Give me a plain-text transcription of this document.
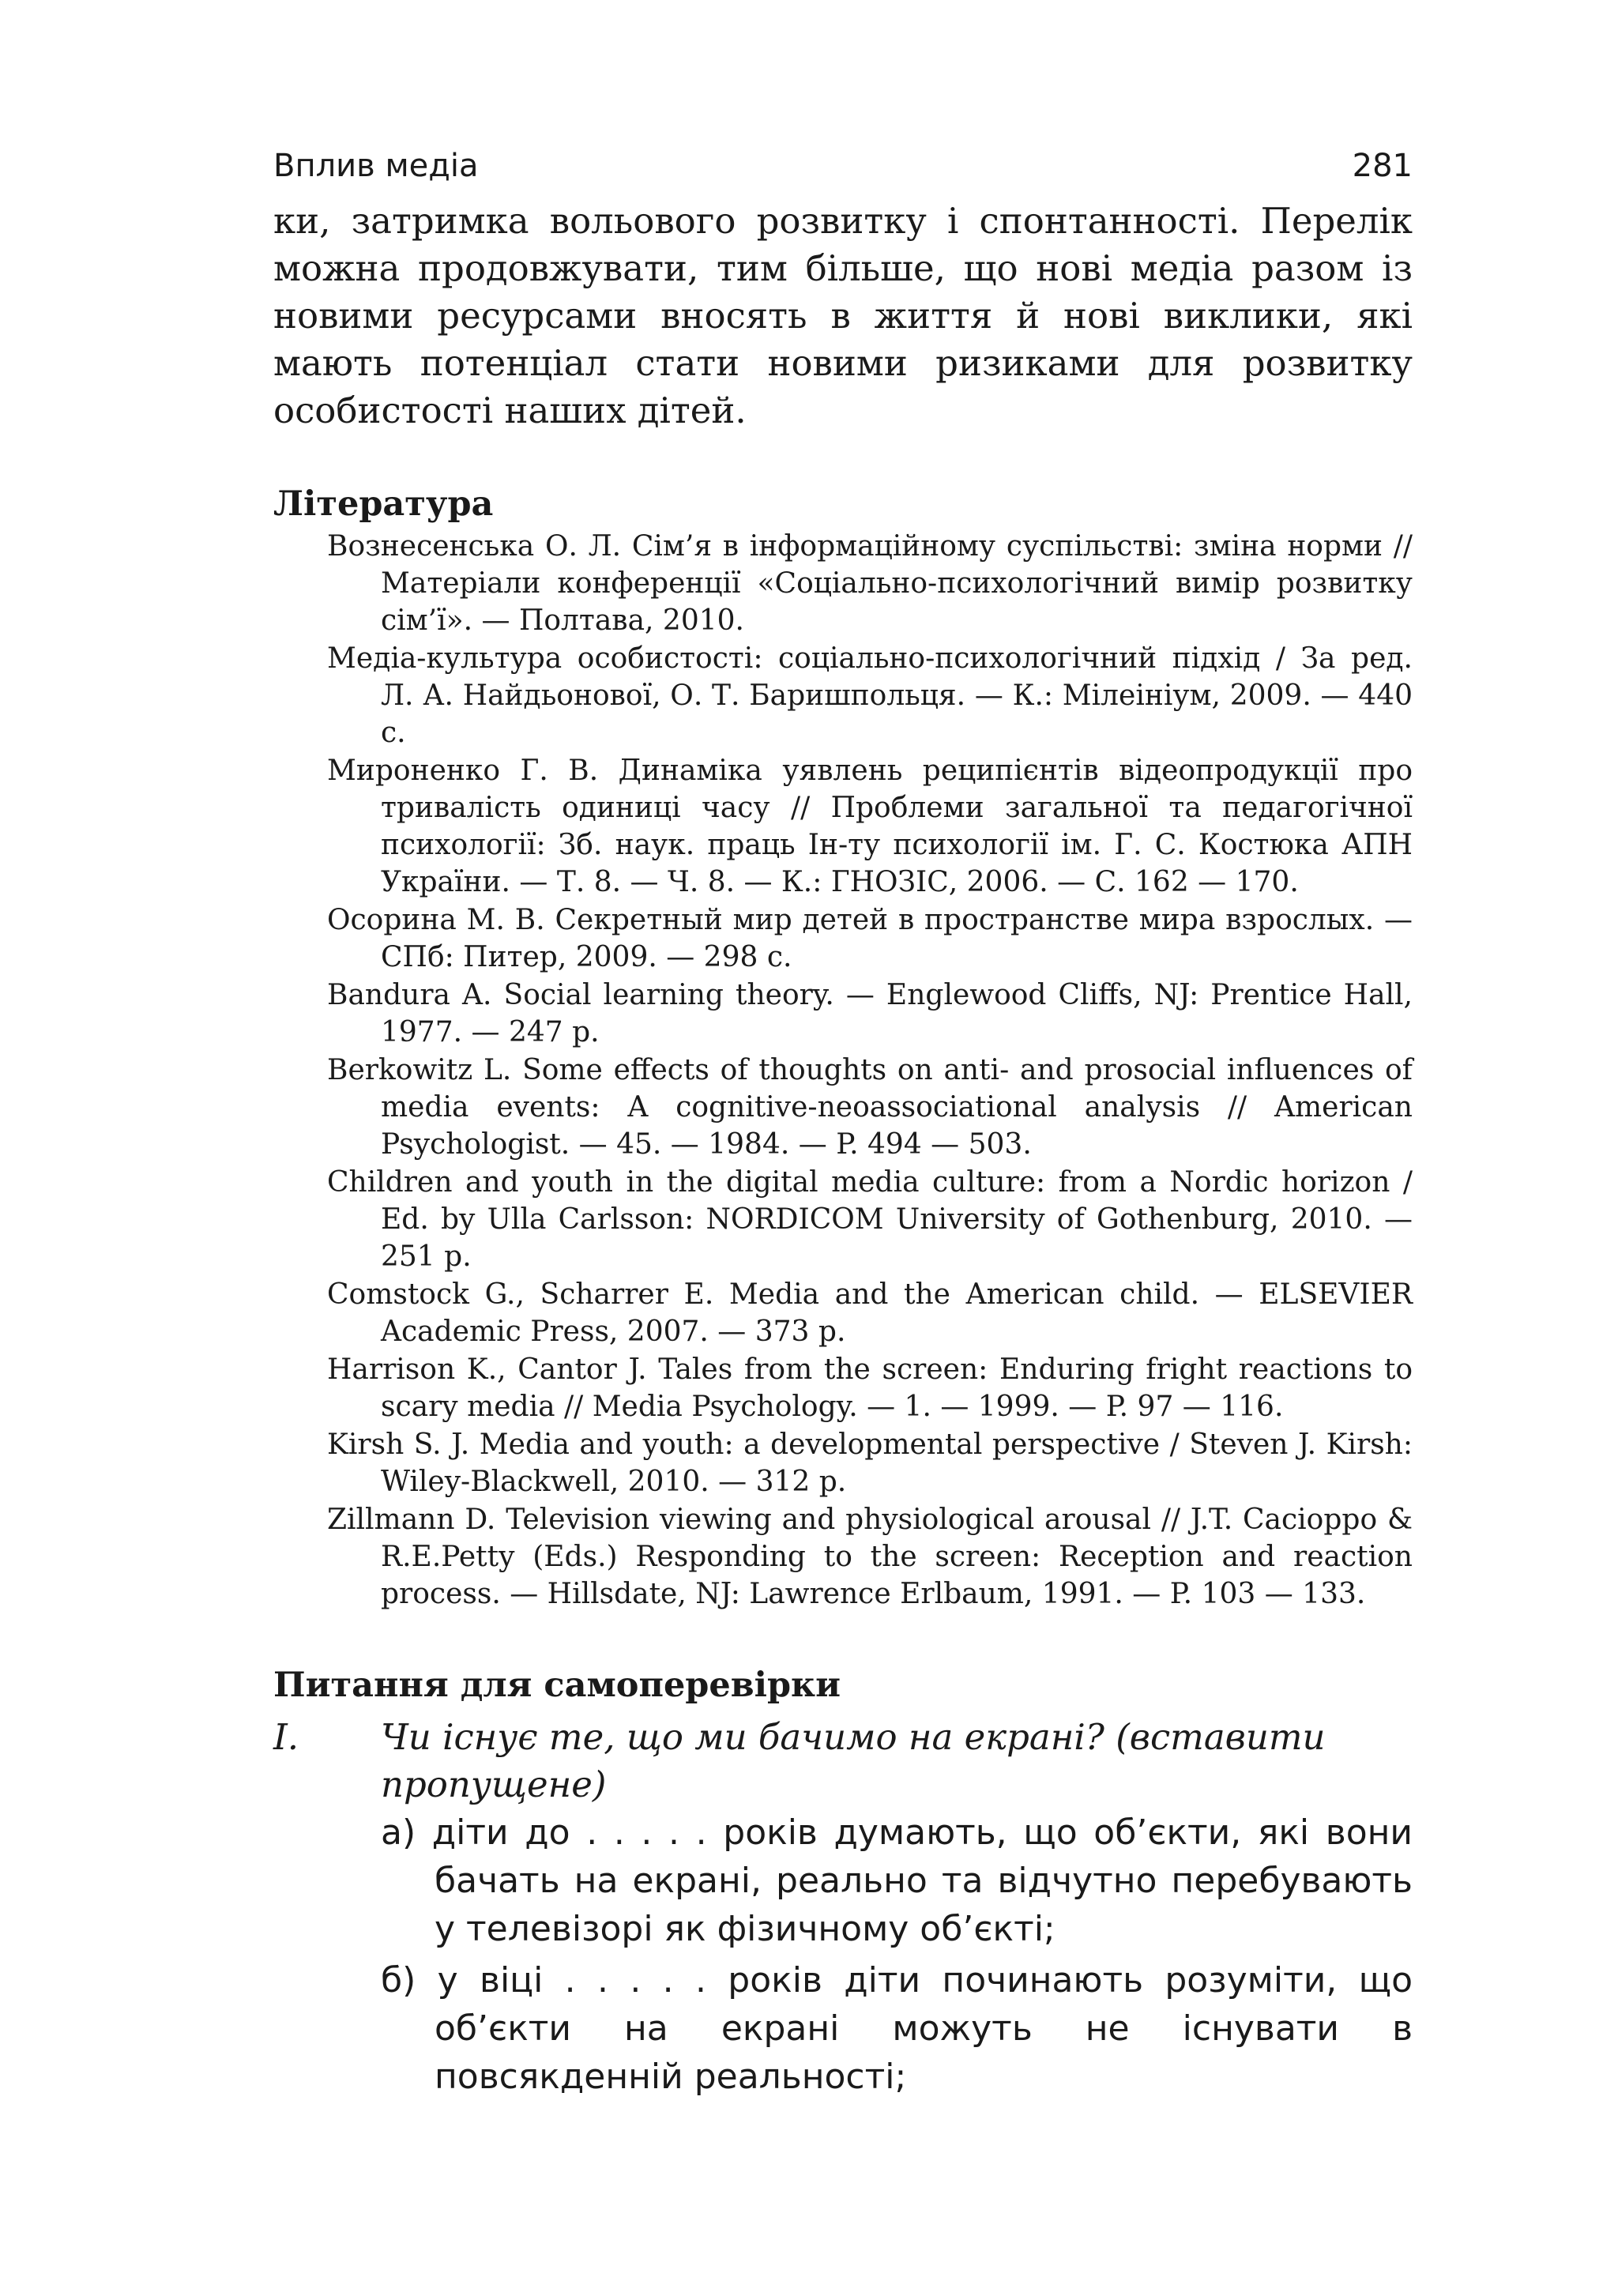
Вплив медіа	281

ки, затримка вольового розвитку і спонтанності. Перелік
можна продовжувати, тим більше, що нові медіа разом із
новими ресурсами вносять в життя й нові виклики, які
мають потенціал стати новими ризиками для розвитку
особистості наших дітей.

Література
Вознесенська О. Л. Сім’я в інформаційному суспільстві: зміна норми // Матеріали конференції «Соціально-психологічний вимір розвитку сім’ї». — Полтава, 2010.
Медіа-культура особистості: соціально-психологічний підхід / За ред. Л. А. Найдьонової, О. Т. Баришпольця. — К.: Мілеініум, 2009. — 440 с.
Мироненко Г. В. Динаміка уявлень реципієнтів відеопродукції про тривалість одиниці часу // Проблеми загальної та педагогічної психології: Зб. наук. праць Ін-ту психології ім. Г. С. Костюка АПН України. — Т. 8. — Ч. 8. — К.: ГНОЗІС, 2006. — С. 162 — 170.
Осорина М. В. Секретный мир детей в пространстве мира взрослых. — СПб: Питер, 2009. — 298 с.
Bandura A. Social learning theory. — Englewood Cliffs, NJ: Prentice Hall, 1977. — 247 p.
Berkowitz L. Some effects of thoughts on anti- and prosocial influences of media events: A cognitive-neoassociational analysis // American Psychologist. — 45. — 1984. — P. 494 — 503.
Children and youth in the digital media culture: from a Nordic horizon / Ed. by Ulla Carlsson: NORDICOM University of Gothenburg, 2010. — 251 p.
Comstock G., Scharrer E. Media and the American child. — ELSEVIER Academic Press, 2007. — 373 p.
Harrison K., Cantor J. Tales from the screen: Enduring fright reactions to scary media // Media Psychology. — 1. — 1999. — P. 97 — 116.
Kirsh S. J. Media and youth: a developmental perspective / Steven J. Kirsh: Wiley-Blackwell, 2010. — 312 p.
Zillmann D. Television viewing and physiological arousal // J.T. Cacioppo & R.E.Petty (Eds.) Responding to the screen: Reception and reaction process. — Hillsdate, NJ: Lawrence Erlbaum, 1991. — P. 103 — 133.
Питання для самоперевірки
I.	Чи існує те, що ми бачимо на екрані? (вставити пропущене)
а) діти до . . . . . років думають, що об’єкти, які вони бачать на екрані, реально та відчутно перебувають у телевізорі як фізичному об’єкті;
б) у віці . . . . . років діти починають розуміти, що об’єкти на екрані можуть не існувати в повсякденній реальності;
